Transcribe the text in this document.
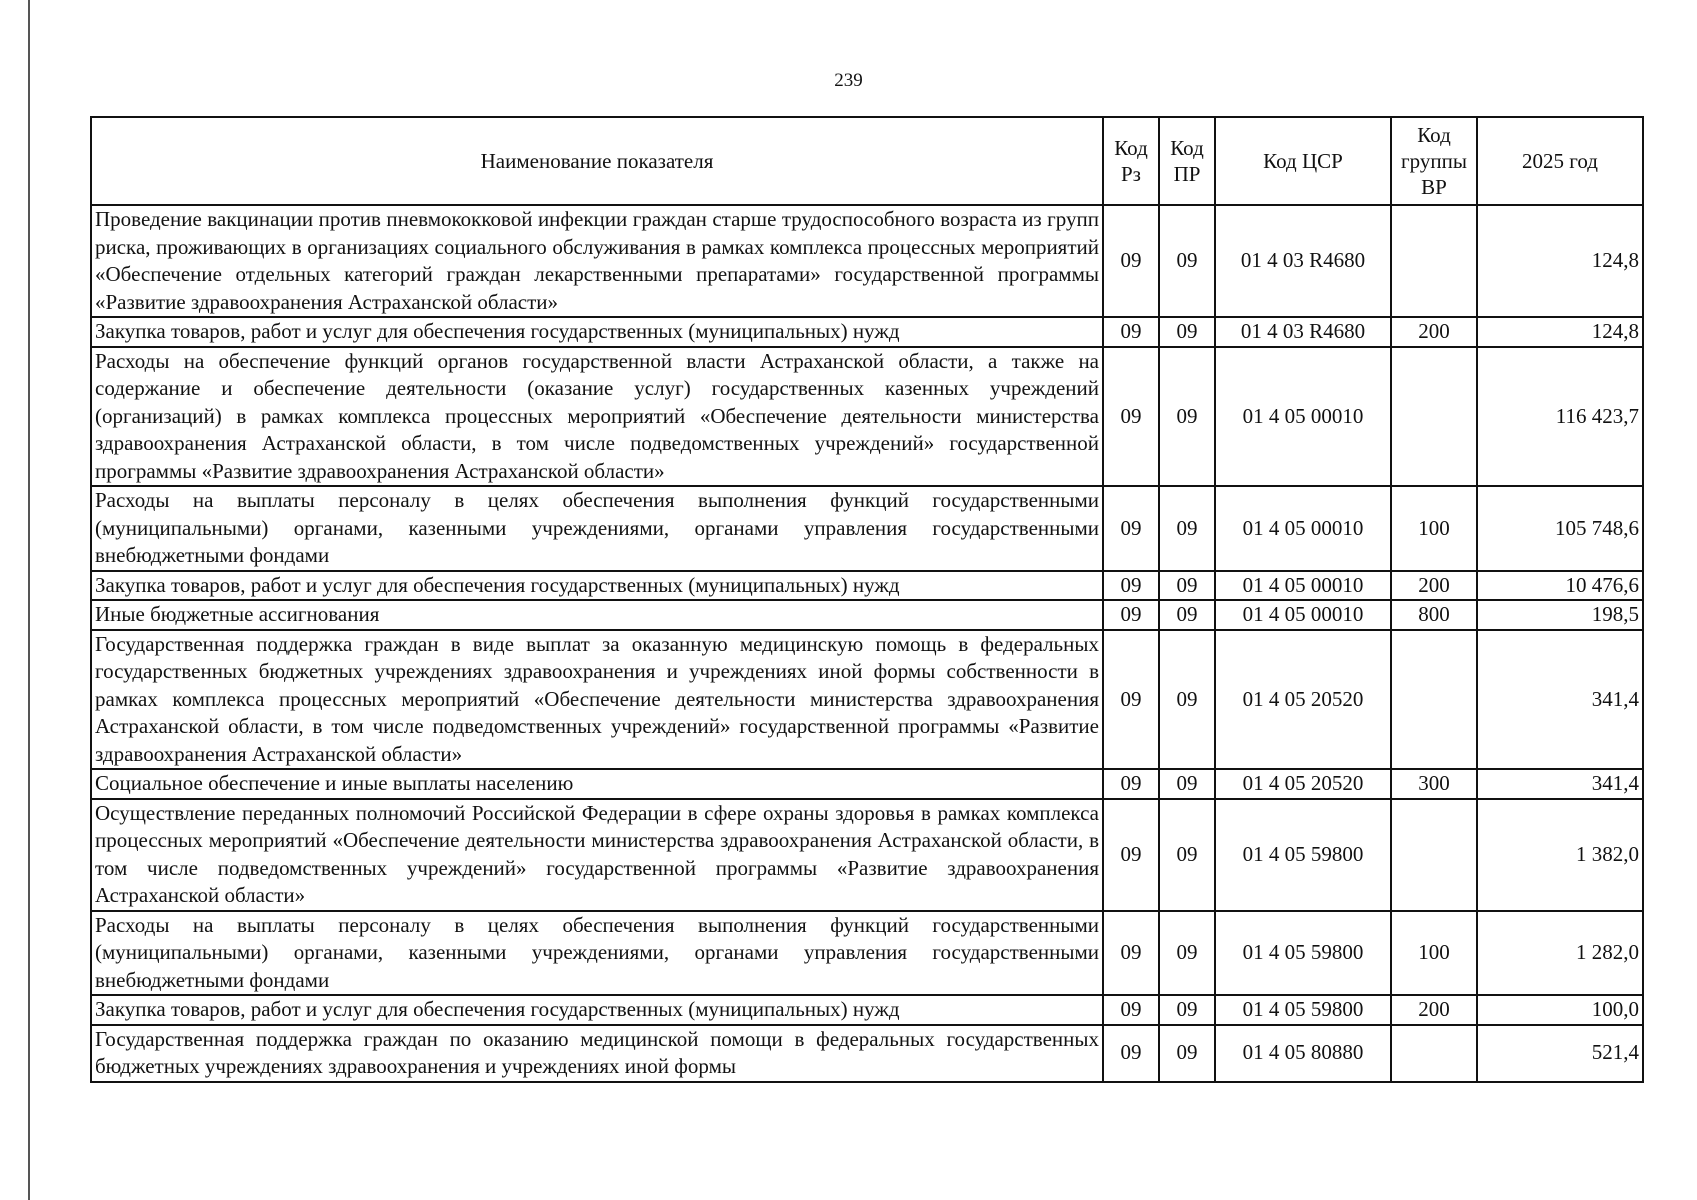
239
Наименование показателя	Код Рз	Код ПР	Код ЦСР	Код группы ВР	2025 год
Проведение вакцинации против пневмококковой инфекции граждан старше трудоспособного возраста из групп риска, проживающих в организациях социального обслуживания в рамках комплекса процессных мероприятий «Обеспечение отдельных категорий граждан лекарственными препаратами» государственной программы «Развитие здравоохранения Астраханской области»	09	09	01 4 03 R4680		124,8
Закупка товаров, работ и услуг для обеспечения государственных (муниципальных) нужд	09	09	01 4 03 R4680	200	124,8
Расходы на обеспечение функций органов государственной власти Астраханской области, а также на содержание и обеспечение деятельности (оказание услуг) государственных казенных учреждений (организаций) в рамках комплекса процессных мероприятий «Обеспечение деятельности министерства здравоохранения Астраханской области, в том числе подведомственных учреждений» государственной программы «Развитие здравоохранения Астраханской области»	09	09	01 4 05 00010		116 423,7
Расходы на выплаты персоналу в целях обеспечения выполнения функций государственными (муниципальными) органами, казенными учреждениями, органами управления государственными внебюджетными фондами	09	09	01 4 05 00010	100	105 748,6
Закупка товаров, работ и услуг для обеспечения государственных (муниципальных) нужд	09	09	01 4 05 00010	200	10 476,6
Иные бюджетные ассигнования	09	09	01 4 05 00010	800	198,5
Государственная поддержка граждан в виде выплат за оказанную медицинскую помощь в федеральных государственных бюджетных учреждениях здравоохранения и учреждениях иной формы собственности в рамках комплекса процессных мероприятий «Обеспечение деятельности министерства здравоохранения Астраханской области, в том числе подведомственных учреждений» государственной программы «Развитие здравоохранения Астраханской области»	09	09	01 4 05 20520		341,4
Социальное обеспечение и иные выплаты населению	09	09	01 4 05 20520	300	341,4
Осуществление переданных полномочий Российской Федерации в сфере охраны здоровья в рамках комплекса процессных мероприятий «Обеспечение деятельности министерства здравоохранения Астраханской области, в том числе подведомственных учреждений» государственной программы «Развитие здравоохранения Астраханской области»	09	09	01 4 05 59800		1 382,0
Расходы на выплаты персоналу в целях обеспечения выполнения функций государственными (муниципальными) органами, казенными учреждениями, органами управления государственными внебюджетными фондами	09	09	01 4 05 59800	100	1 282,0
Закупка товаров, работ и услуг для обеспечения государственных (муниципальных) нужд	09	09	01 4 05 59800	200	100,0
Государственная поддержка граждан по оказанию медицинской помощи в федеральных государственных бюджетных учреждениях здравоохранения и учреждениях иной формы	09	09	01 4 05 80880		521,4
